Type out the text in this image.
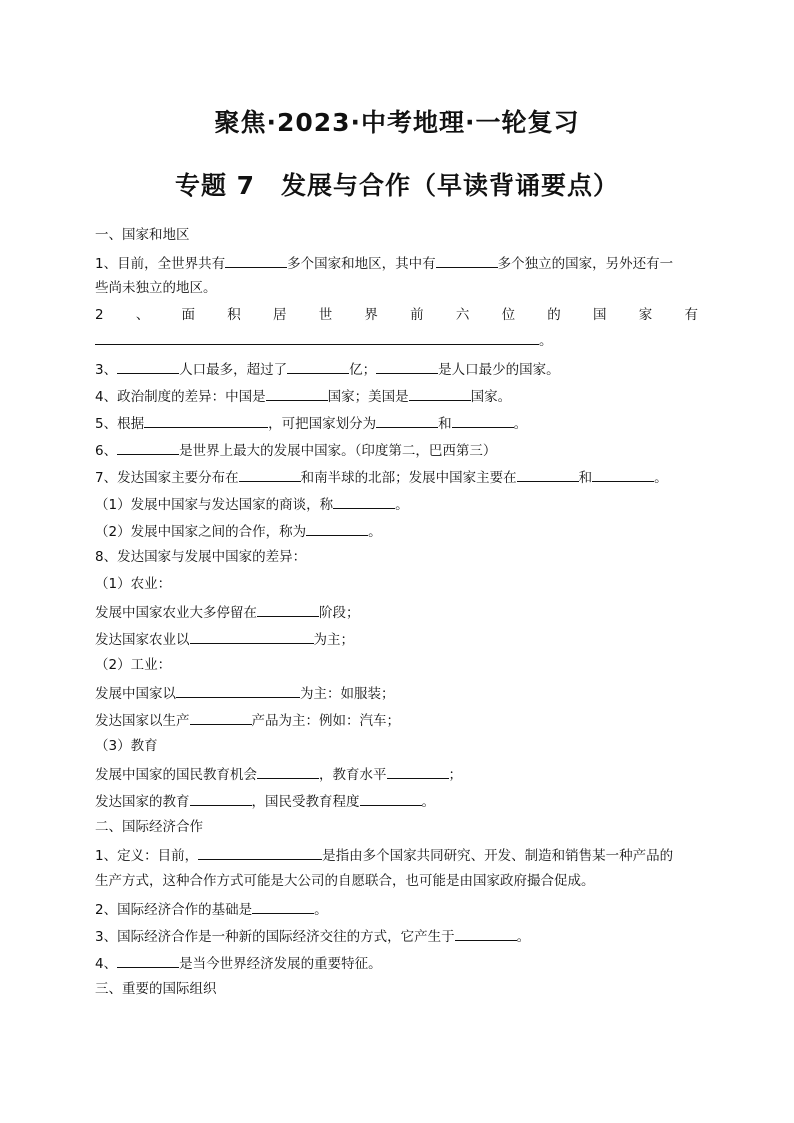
聚焦·2023·中考地理·一轮复习
专题 7　发展与合作（早读背诵要点）
一、国家和地区
1、目前，全世界共有	多个国家和地区，其中有	多个独立的国家，另外还有一
些尚未独立的地区。
2 、 面 积 居 世 界 前 六 位 的 国 家 有
。
3、	人口最多，超过了	亿；	是人口最少的国家。
4、政治制度的差异：中国是	国家；美国是	国家。
5、根据	，可把国家划分为	和	。
6、	是世界上最大的发展中国家。（印度第二，巴西第三）
7、发达国家主要分布在	和南半球的北部；发展中国家主要在	和	。
（1）发展中国家与发达国家的商谈，称	。
（2）发展中国家之间的合作，称为	。
8、发达国家与发展中国家的差异：
（1）农业：
发展中国家农业大多停留在	阶段；
发达国家农业以	为主；
（2）工业：
发展中国家以	为主：如服装；
发达国家以生产	产品为主：例如：汽车；
（3）教育
发展中国家的国民教育机会	，教育水平	；
发达国家的教育	，国民受教育程度	。
二、国际经济合作
1、定义：目前，	是指由多个国家共同研究、开发、制造和销售某一种产品的
生产方式，这种合作方式可能是大公司的自愿联合，也可能是由国家政府撮合促成。
2、国际经济合作的基础是	。
3、国际经济合作是一种新的国际经济交往的方式，它产生于	。
4、	是当今世界经济发展的重要特征。
三、重要的国际组织
